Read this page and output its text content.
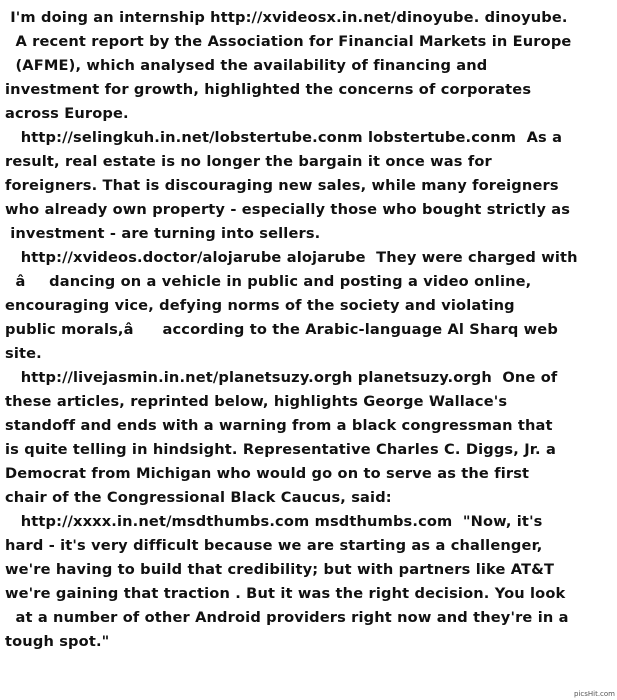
I'm doing an internship http://xvideosx.in.net/dinoyube. dinoyube.
A recent report by the Association for Financial Markets in Europe
(AFME), which analysed the availability of financing and
investment for growth, highlighted the concerns of corporates
across Europe.
http://selingkuh.in.net/lobstertube.conm lobstertube.conm  As a
result, real estate is no longer the bargain it once was for
foreigners. That is discouraging new sales, while many foreigners
who already own property - especially those who bought strictly as
investment - are turning into sellers.
http://xvideos.doctor/alojarube alojarube  They were charged with
âdancing on a vehicle in public and posting a video online,
encouraging vice, defying norms of the society and violating
public morals,â according to the Arabic-language Al Sharq web
site.
http://livejasmin.in.net/planetsuzy.orgh planetsuzy.orgh  One of
these articles, reprinted below, highlights George Wallace's
standoff and ends with a warning from a black congressman that
is quite telling in hindsight. Representative Charles C. Diggs, Jr. a
Democrat from Michigan who would go on to serve as the first
chair of the Congressional Black Caucus, said:
http://xxxx.in.net/msdthumbs.com msdthumbs.com  "Now, it's
hard - it's very difficult because we are starting as a challenger,
we're having to build that credibility; but with partners like AT&T
we're gaining that traction . But it was the right decision. You look
at a number of other Android providers right now and they're in a
tough spot."
picsHit.com
